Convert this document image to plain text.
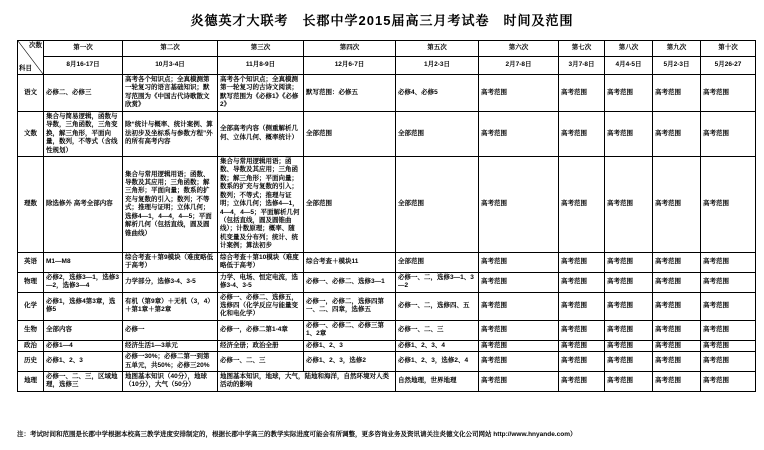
炎德英才大联考　长郡中学2015届高三月考试卷　时间及范围
次数
科目	第一次	第二次	第三次	第四次	第五次	第六次	第七次	第八次	第九次	第十次
	8月16-17日	10月3-4日	11月8-9日	12月6-7日	1月2-3日	2月7-8日	3月7-8日	4月4-5日	5月2-3日	5月26-27
语文	必修二、必修三	高考各个知识点；全真模测第一轮复习的语言基础知识；默写范围为《中国古代诗歌散文欣赏》	高考各个知识点；全真模测第一轮复习的古诗文阅读；默写范围为《必修1》《必修2》	默写范围：必修五	必修4、必修5	高考范围	高考范围	高考范围	高考范围	高考范围
文数	集合与简易逻辑，函数与导数，三角函数，三角变换，解三角形，平面向量，数列，不等式（含线性规划）	除“统计与概率、统计案例、算法初步及坐标系与参数方程”外的所有高考内容	全部高考内容（侧重解析几何、立体几何、概率统计）	全部范围	全部范围	高考范围	高考范围	高考范围	高考范围	高考范围
理数	除选修外 高考全部内容	集合与常用逻辑用语；函数、导数及其应用；三角函数；解三角形；平面向量；数系的扩充与复数的引入；数列；不等式；推理与证明；立体几何；选修4—1，4—4，4—5；平面解析几何（包括直线，圆及圆锥曲线）	集合与常用逻辑用语；函数、导数及其应用；三角函数；解三角形；平面向量；数系的扩充与复数的引入；数列；不等式；推理与证明；立体几何；选修4—1，4—4，4—5；平面解析几何（包括直线，圆及圆锥曲线）；计数原理；概率、随机变量及分布列；统计、统计案例；算法初步	全部范围	全部范围	高考范围	高考范围	高考范围	高考范围	高考范围
英语	M1—M8	综合考查＋第9模块（难度略低于高考）	综合考查＋第10模块（难度略低于高考）	综合考查＋模块11	全部范围	高考范围	高考范围	高考范围	高考范围	高考范围
物理	必修2，选修3—1，选修3—2，选修3—4	力学部分，选修3-4、3-5	力学、电场、恒定电流，选修3-4、3-5	必修一、必修二、选修3—1	必修一、二，选修3—1、3—2	高考范围	高考范围	高考范围	高考范围	高考范围
化学	必修1，选修4第3章，选修5	有机（第9章）＋无机（3，4）＋第1章＋第2章	必修一、必修二、选修五，选修四（化学反应与能量变化和电化学）	必修一，必修二，选修四第一、二、四章，选修五	必修一、二，选修四、五	高考范围	高考范围	高考范围	高考范围	高考范围
生物	全部内容	必修一	必修一，必修二第1-4章	必修一、必修二、必修三第1、2章	必修一、二、三	高考范围	高考范围	高考范围	高考范围	高考范围
政治	必修1—4	经济生活1—3单元	经济全册；政治全册	必修1、2、3	必修1、2、3、4	高考范围	高考范围	高考范围	高考范围	高考范围
历史	必修1、2、3	必修一30%；必修二第一到第五单元，共50%；必修三20%	必修一、二、三	必修1、2、3，选修2	必修1、2、3，选修2、4	高考范围	高考范围	高考范围	高考范围	高考范围
地理	必修一、二、三，区域地理，选修三	地图基本知识（40分），地球（10分），大气（50分）	地图基本知识，地球，大气，陆地和海洋，自然环境对人类活动的影响		自然地理，世界地理	高考范围	高考范围	高考范围	高考范围	高考范围
注：考试时间和范围是长郡中学根据本校高三教学进度安排制定的，根据长郡中学高三的教学实际进度可能会有所调整，更多咨询业务及资讯请关注炎德文化公司网站 http://www.hnyande.com）
